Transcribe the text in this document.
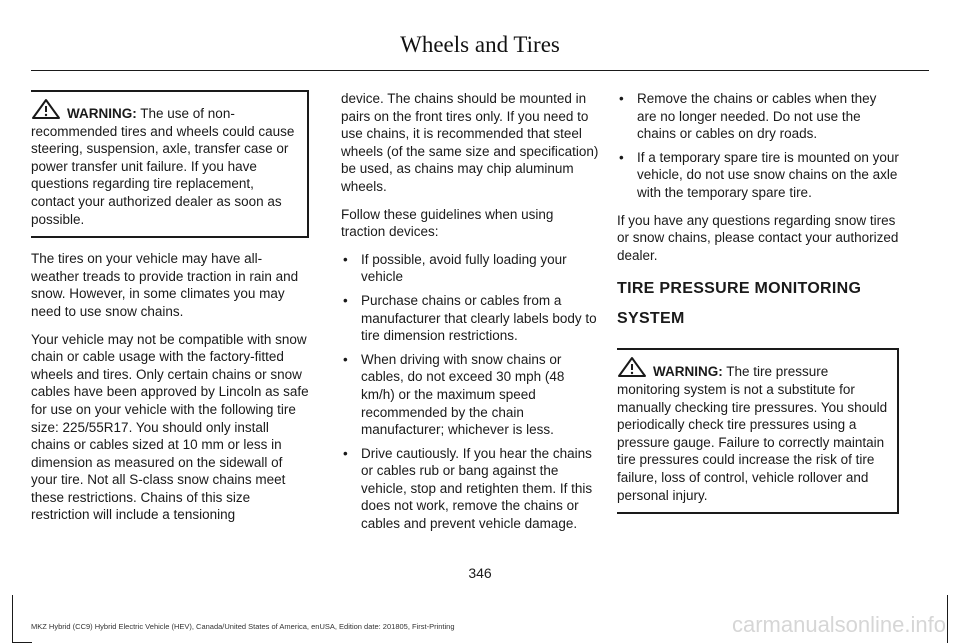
Wheels and Tires
WARNING: The use of non-recommended tires and wheels could cause steering, suspension, axle, transfer case or power transfer unit failure. If you have questions regarding tire replacement, contact your authorized dealer as soon as possible.

The tires on your vehicle may have all-weather treads to provide traction in rain and snow. However, in some climates you may need to use snow chains.

Your vehicle may not be compatible with snow chain or cable usage with the factory-fitted wheels and tires. Only certain chains or snow cables have been approved by Lincoln as safe for use on your vehicle with the following tire size: 225/55R17. You should only install chains or cables sized at 10 mm or less in dimension as measured on the sidewall of your tire. Not all S-class snow chains meet these restrictions. Chains of this size restriction will include a tensioning

device. The chains should be mounted in pairs on the front tires only. If you need to use chains, it is recommended that steel wheels (of the same size and specification) be used, as chains may chip aluminum wheels.

Follow these guidelines when using traction devices:

• If possible, avoid fully loading your vehicle
• Purchase chains or cables from a manufacturer that clearly labels body to tire dimension restrictions.
• When driving with snow chains or cables, do not exceed 30 mph (48 km/h) or the maximum speed recommended by the chain manufacturer; whichever is less.
• Drive cautiously. If you hear the chains or cables rub or bang against the vehicle, stop and retighten them. If this does not work, remove the chains or cables and prevent vehicle damage.
• Remove the chains or cables when they are no longer needed. Do not use the chains or cables on dry roads.
• If a temporary spare tire is mounted on your vehicle, do not use snow chains on the axle with the temporary spare tire.

If you have any questions regarding snow tires or snow chains, please contact your authorized dealer.

TIRE PRESSURE MONITORING SYSTEM
WARNING: The tire pressure monitoring system is not a substitute for manually checking tire pressures. You should periodically check tire pressures using a pressure gauge. Failure to correctly maintain tire pressures could increase the risk of tire failure, loss of control, vehicle rollover and personal injury.
346
MKZ Hybrid (CC9) Hybrid Electric Vehicle (HEV), Canada/United States of America, enUSA, Edition date: 201805, First-Printing	carmanualsonline.info
